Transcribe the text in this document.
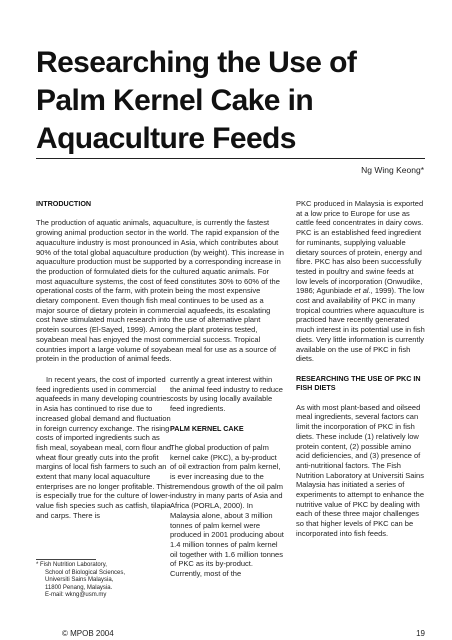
Researching the Use of Palm Kernel Cake in Aquaculture Feeds
Ng Wing Keong*
INTRODUCTION

The production of aquatic animals, aquaculture, is currently the fastest growing animal production sector in the world. The rapid expansion of the aquaculture industry is most pronounced in Asia, which contributes about 90% of the total global aquaculture production (by weight). This increase in aquaculture production must be supported by a corresponding increase in the production of formulated diets for the cultured aquatic animals. For most aquaculture systems, the cost of feed constitutes 30% to 60% of the operational costs of the farm, with protein being the most expensive dietary component. Even though fish meal continues to be used as a major source of dietary protein in commercial aquafeeds, its escalating cost have stimulated much research into the use of alternative plant protein sources (El-Sayed, 1999). Among the plant proteins tested, soyabean meal has enjoyed the most commercial success. Tropical countries import a large volume of soyabean meal for use as a source of protein in the production of animal feeds.

In recent years, the cost of imported feed ingredients used in commercial aquafeeds in many developing countries in Asia has continued to rise due to increased global demand and fluctuation in foreign currency exchange. The rising costs of imported ingredients such as fish meal, soyabean meal, corn flour and wheat flour greatly cuts into the profit margins of local fish farmers to such an extent that many local aquaculture enterprises are no longer profitable. This is especially true for the culture of lower-value fish species such as catfish, tilapia and carps. There is

currently a great interest within the animal feed industry to reduce costs by using locally available feed ingredients.

PALM KERNEL CAKE

The global production of palm kernel cake (PKC), a by-product of oil extraction from palm kernel, is ever increasing due to the tremendous growth of the oil palm industry in many parts of Asia and Africa (PORLA, 2000). In Malaysia alone, about 3 million tonnes of palm kernel were produced in 2001 producing about 1.4 million tonnes of palm kernel oil together with 1.6 million tonnes of PKC as its by-product. Currently, most of the

PKC produced in Malaysia is exported at a low price to Europe for use as cattle feed concentrates in dairy cows. PKC is an established feed ingredient for ruminants, supplying valuable dietary sources of protein, energy and fibre. PKC has also been successfully tested in poultry and swine feeds at low levels of incorporation (Onwudike, 1986; Agunbiade et al., 1999). The low cost and availability of PKC in many tropical countries where aquaculture is practiced have recently generated much interest in its potential use in fish diets. Very little information is currently available on the use of PKC in fish diets.

RESEARCHING THE USE OF PKC IN FISH DIETS

As with most plant-based and oilseed meal ingredients, several factors can limit the incorporation of PKC in fish diets. These include (1) relatively low protein content, (2) possible amino acid deficiencies, and (3) presence of anti-nutritional factors. The Fish Nutrition Laboratory at Universiti Sains Malaysia has initiated a series of experiments to attempt to enhance the nutritive value of PKC by dealing with each of these three major challenges so that higher levels of PKC can be incorporated into fish feeds.

* Fish Nutrition Laboratory,
School of Biological Sciences,
Universiti Sains Malaysia,
11800 Penang, Malaysia.
E-mail: wkng@usm.my
© MPOB 2004	19
